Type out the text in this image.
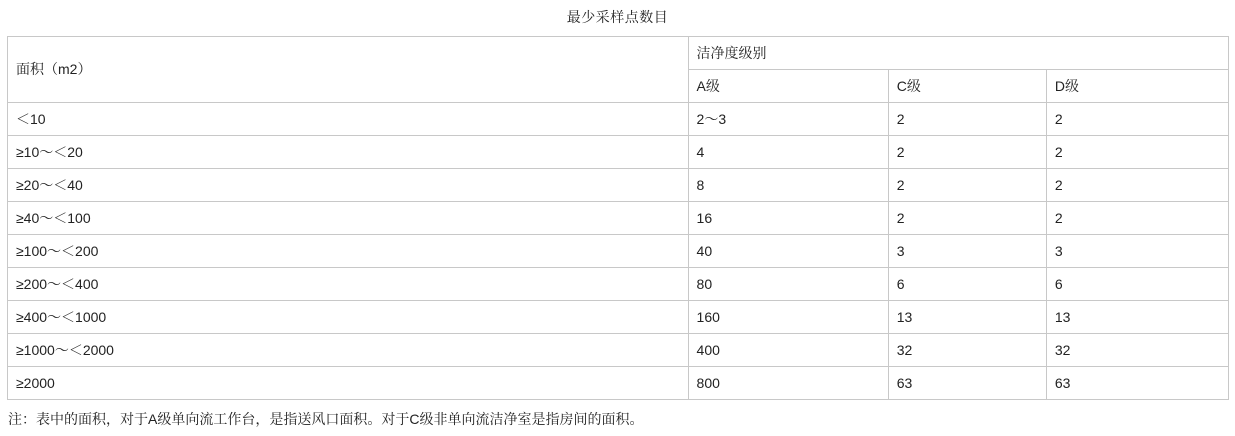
最少采样点数目
面积（m2）	洁净度级别		
	A级	C级	D级
＜10	2～3	2	2
≥10～＜20	4	2	2
≥20～＜40	8	2	2
≥40～＜100	16	2	2
≥100～＜200	40	3	3
≥200～＜400	80	6	6
≥400～＜1000	160	13	13
≥1000～＜2000	400	32	32
≥2000	800	63	63
注：表中的面积，对于A级单向流工作台，是指送风口面积。对于C级非单向流洁净室是指房间的面积。
